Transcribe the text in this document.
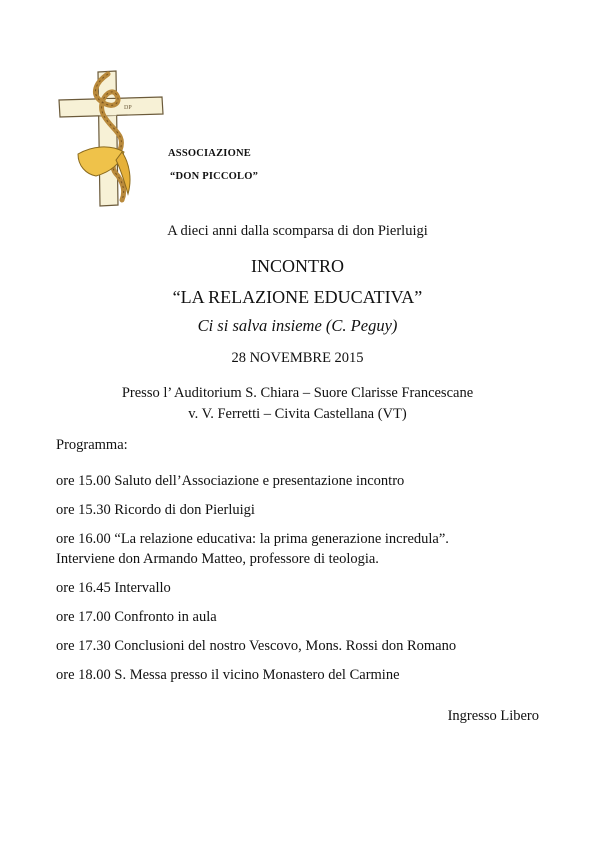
DP
ASSOCIAZIONE
“DON PICCOLO”
A dieci anni dalla scomparsa di don Pierluigi
INCONTRO
“LA RELAZIONE EDUCATIVA”
Ci si salva insieme (C. Peguy)
28 NOVEMBRE 2015
Presso l’ Auditorium S. Chiara – Suore Clarisse Francescane
v. V. Ferretti – Civita Castellana (VT)
Programma:
ore 15.00 Saluto dell’Associazione e presentazione incontro
ore 15.30 Ricordo di don Pierluigi
ore 16.00 “La relazione educativa: la prima generazione incredula”.
Interviene don Armando Matteo, professore di teologia.
ore 16.45 Intervallo
ore 17.00 Confronto in aula
ore 17.30 Conclusioni del nostro Vescovo, Mons. Rossi don Romano
ore 18.00 S. Messa presso il vicino Monastero del Carmine
Ingresso Libero
